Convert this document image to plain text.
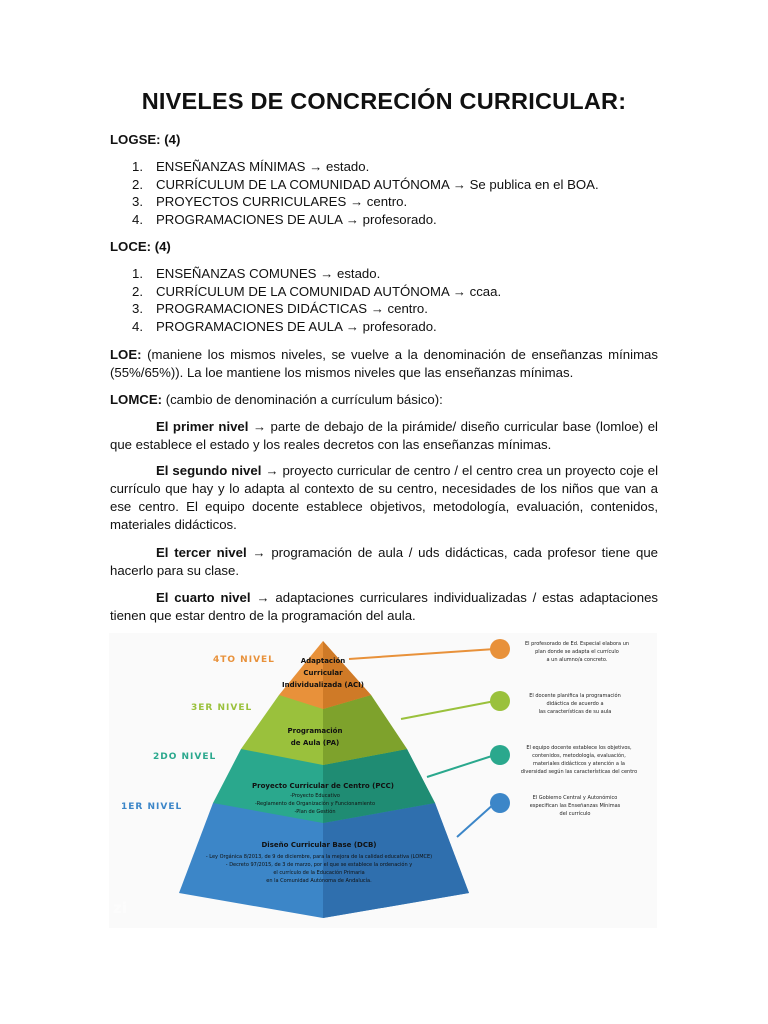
NIVELES DE CONCRECIÓN CURRICULAR:
LOGSE: (4)
1. ENSEÑANZAS MÍNIMAS → estado.
2. CURRÍCULUM DE LA COMUNIDAD AUTÓNOMA → Se publica en el BOA.
3. PROYECTOS CURRICULARES → centro.
4. PROGRAMACIONES DE AULA → profesorado.
LOCE: (4)
1. ENSEÑANZAS COMUNES → estado.
2. CURRÍCULUM DE LA COMUNIDAD AUTÓNOMA → ccaa.
3. PROGRAMACIONES DIDÁCTICAS → centro.
4. PROGRAMACIONES DE AULA → profesorado.
LOE: (maniene los mismos niveles, se vuelve a la denominación de enseñanzas mínimas (55%/65%)). La loe mantiene los mismos niveles que las enseñanzas mínimas.
LOMCE: (cambio de denominación a currículum básico):
El primer nivel → parte de debajo de la pirámide/ diseño curricular base (lomloe) el que establece el estado y los reales decretos con las enseñanzas mínimas.
El segundo nivel → proyecto curricular de centro / el centro crea un proyecto coje el currículo que hay y lo adapta al contexto de su centro, necesidades de los niños que van a ese centro. El equipo docente establece objetivos, metodología, evaluación, contenidos, materiales didácticos.
El tercer nivel → programación de aula / uds didácticas, cada profesor tiene que hacerlo para su clase.
El cuarto nivel → adaptaciones curriculares individualizadas / estas adaptaciones tienen que estar dentro de la programación del aula.
4TO NIVEL
3ER NIVEL
2DO NIVEL
1ER NIVEL
Adaptación
Curricular
Individualizada (ACI)
Programación
de Aula (PA)
Proyecto Curricular de Centro (PCC)
-Proyecto Educativo
-Reglamento de Organización y Funcionamiento
-Plan de Gestión
Diseño Curricular Base (DCB)
- Ley Orgánica 8/2013, de 9 de diciembre, para la mejora de la calidad educativa (LOMCE)
- Decreto 97/2015, de 3 de marzo, por el que se establece la ordenación y
el currículo de la Educación Primaria
en la Comunidad Autónoma de Andalucía.
El profesorado de Ed. Especial elabora un
plan donde se adapta el currículo
a un alumno/a concreto.
El docente planifica la programación
didáctica de acuerdo a
las características de su aula
El equipo docente establece los objetivos,
contenidos, metodología, evaluación,
materiales didácticos y atención a la
diversidad según las características del centro
El Gobierno Central y Autonómico
especifican las Enseñanzas Mínimas
del currículo
zi
